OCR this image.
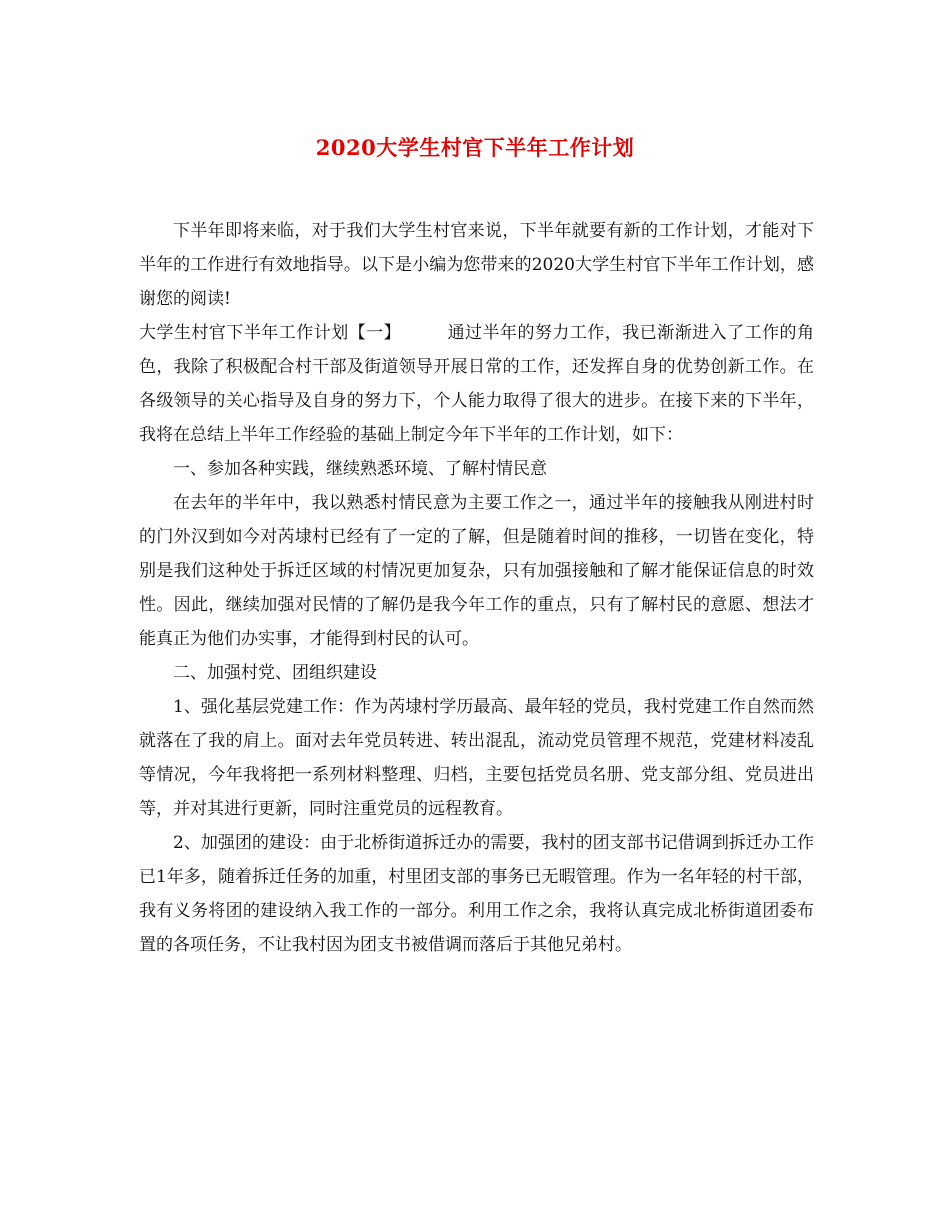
2020大学生村官下半年工作计划

下半年即将来临，对于我们大学生村官来说，下半年就要有新的工作计划，才能对下半年的工作进行有效地指导。以下是小编为您带来的2020大学生村官下半年工作计划，感谢您的阅读!

大学生村官下半年工作计划【一】	通过半年的努力工作，我已渐渐进入了工作的角色，我除了积极配合村干部及街道领导开展日常的工作，还发挥自身的优势创新工作。在各级领导的关心指导及自身的努力下，个人能力取得了很大的进步。在接下来的下半年，我将在总结上半年工作经验的基础上制定今年下半年的工作计划，如下：

一、参加各种实践，继续熟悉环境、了解村情民意

在去年的半年中，我以熟悉村情民意为主要工作之一，通过半年的接触我从刚进村时的门外汉到如今对芮埭村已经有了一定的了解，但是随着时间的推移，一切皆在变化，特别是我们这种处于拆迁区域的村情况更加复杂，只有加强接触和了解才能保证信息的时效性。因此，继续加强对民情的了解仍是我今年工作的重点，只有了解村民的意愿、想法才能真正为他们办实事，才能得到村民的认可。

二、加强村党、团组织建设

1、强化基层党建工作：作为芮埭村学历最高、最年轻的党员，我村党建工作自然而然就落在了我的肩上。面对去年党员转进、转出混乱，流动党员管理不规范，党建材料凌乱等情况，今年我将把一系列材料整理、归档，主要包括党员名册、党支部分组、党员进出等，并对其进行更新，同时注重党员的远程教育。

2、加强团的建设：由于北桥街道拆迁办的需要，我村的团支部书记借调到拆迁办工作已1年多，随着拆迁任务的加重，村里团支部的事务已无暇管理。作为一名年轻的村干部，我有义务将团的建设纳入我工作的一部分。利用工作之余，我将认真完成北桥街道团委布置的各项任务，不让我村因为团支书被借调而落后于其他兄弟村。
